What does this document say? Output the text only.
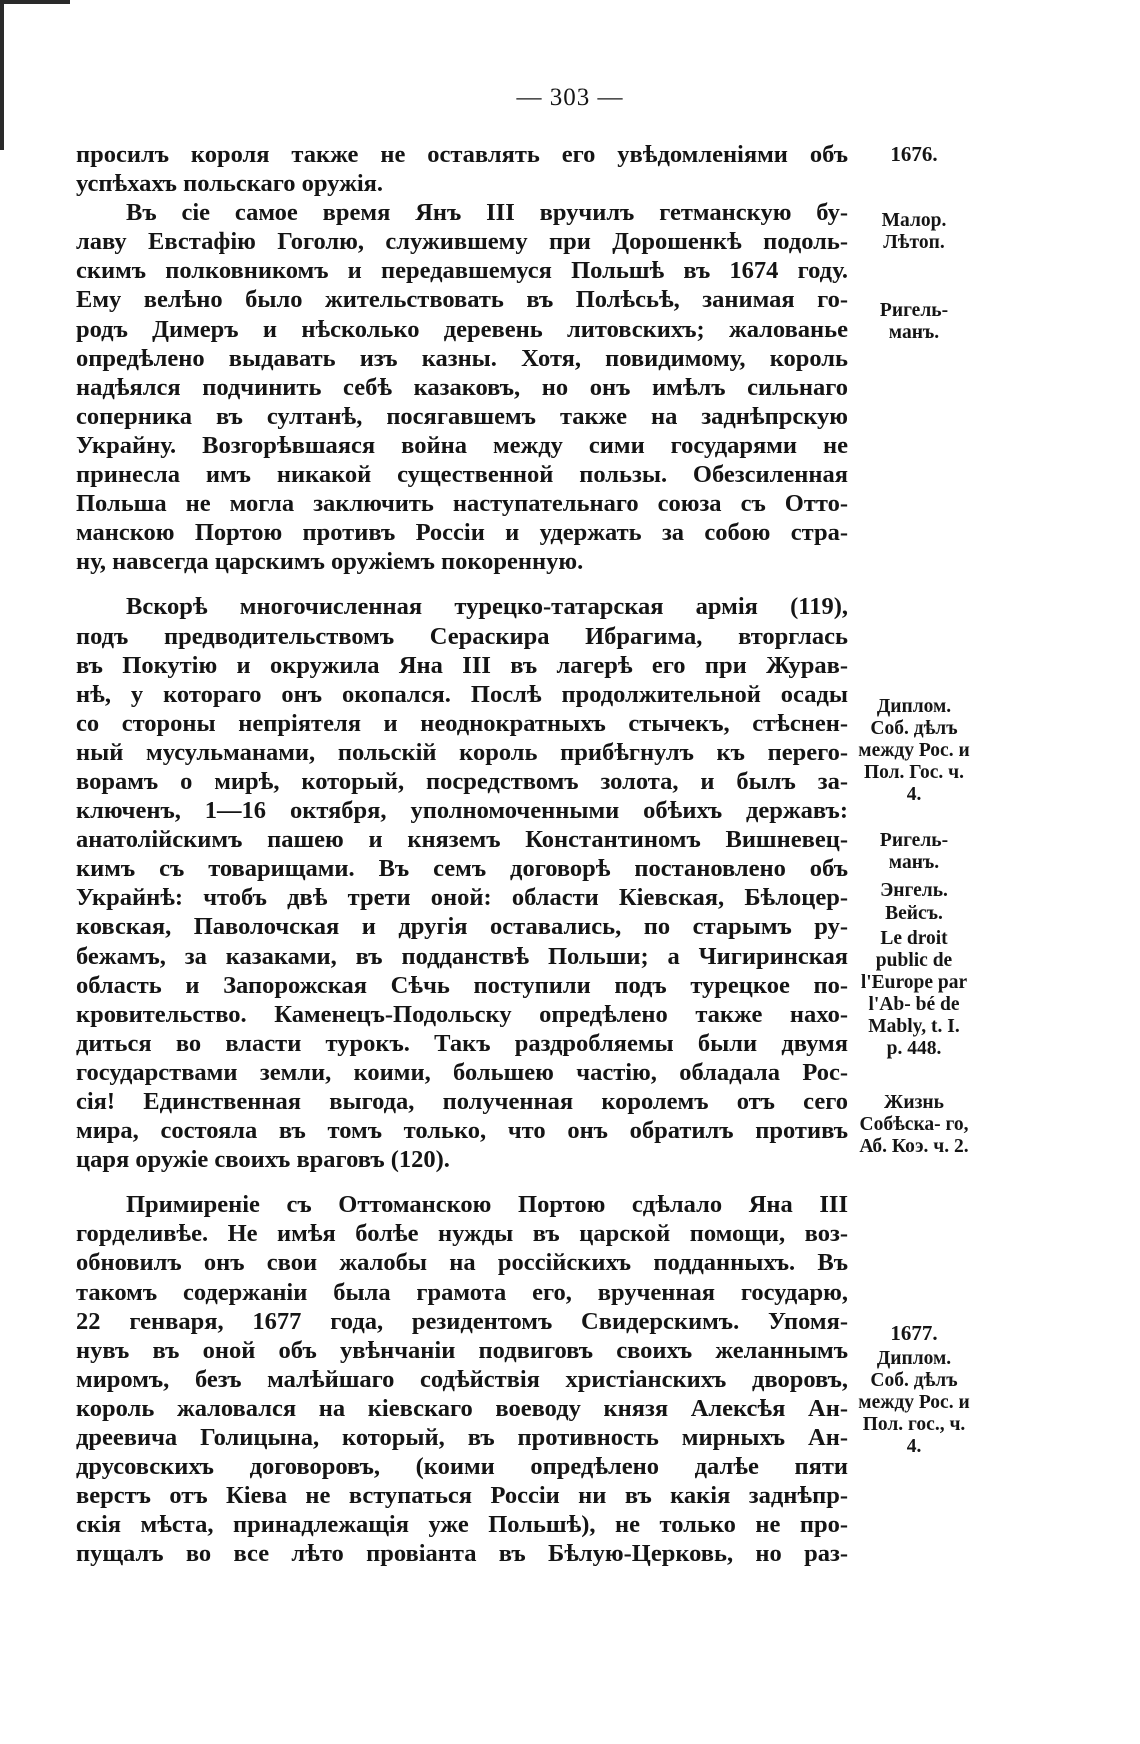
— 303 —
просилъ короля также не оставлять его увѣдомленіями объ
успѣхахъ польскаго оружія.
Въ сіе самое время Янъ III вручилъ гетманскую бу-
лаву Евстафію Гоголю, служившему при Дорошенкѣ подоль-
скимъ полковникомъ и передавшемуся Польшѣ въ 1674 году.
Ему велѣно было жительствовать въ Полѣсьѣ, занимая го-
родъ Димеръ и нѣсколько деревень литовскихъ; жалованье
опредѣлено выдавать изъ казны. Хотя, повидимому, король
надѣялся подчинить себѣ казаковъ, но онъ имѣлъ сильнаго
соперника въ султанѣ, посягавшемъ также на заднѣпрскую
Украйну. Возгорѣвшаяся война между сими государями не
принесла имъ никакой существенной пользы. Обезсиленная
Польша не могла заключить наступательнаго союза съ Отто-
манскою Портою противъ Россіи и удержать за собою стра-
ну, навсегда царскимъ оружіемъ покоренную.
Вскорѣ многочисленная турецко-татарская армія (119),
подъ предводительствомъ Сераскира Ибрагима, вторглась
въ Покутію и окружила Яна III въ лагерѣ его при Журав-
нѣ, у котораго онъ окопался. Послѣ продолжительной осады
со стороны непріятеля и неоднократныхъ стычекъ, стѣснен-
ный мусульманами, польскій король прибѣгнулъ къ перего-
ворамъ о мирѣ, который, посредствомъ золота, и былъ за-
ключенъ, 1—16 октября, уполномоченными обѣихъ державъ:
анатолійскимъ пашею и княземъ Константиномъ Вишневец-
кимъ съ товарищами. Въ семъ договорѣ постановлено объ
Украйнѣ: чтобъ двѣ трети оной: области Кіевская, Бѣлоцер-
ковская, Паволочская и другія оставались, по старымъ ру-
бежамъ, за казаками, въ подданствѣ Польши; а Чигиринская
область и Запорожская Сѣчь поступили подъ турецкое по-
кровительство. Каменецъ-Подольску опредѣлено также нахо-
диться во власти турокъ. Такъ раздробляемы были двумя
государствами земли, коими, большею частію, обладала Рос-
сія! Единственная выгода, полученная королемъ отъ сего
мира, состояла въ томъ только, что онъ обратилъ противъ
царя оружіе своихъ враговъ (120).
Примиреніе съ Оттоманскою Портою сдѣлало Яна III
горделивѣе. Не имѣя болѣе нужды въ царской помощи, воз-
обновилъ онъ свои жалобы на россійскихъ подданныхъ. Въ
такомъ содержаніи была грамота его, врученная государю,
22 генваря, 1677 года, резидентомъ Свидерскимъ. Упомя-
нувъ въ оной объ увѣнчаніи подвиговъ своихъ желаннымъ
миромъ, безъ малѣйшаго содѣйствія христіанскихъ дворовъ,
король жаловался на кіевскаго воеводу князя Алексѣя Ан-
дреевича Голицына, который, въ противность мирныхъ Ан-
друсовскихъ договоровъ, (коими опредѣлено далѣе пяти
верстъ отъ Кіева не вступаться Россіи ни въ какія заднѣпр-
скія мѣста, принадлежащія уже Польшѣ), не только не про-
пущалъ во все лѣто провіанта въ Бѣлую-Церковь, но раз-
1676.
Малор. Лѣтоп.
Ригель- манъ.
Диплом. Соб. дѣлъ между Рос. и Пол. Гос. ч. 4.
Ригель- манъ.
Энгель.
Вейсъ.
Le droit public de l'Europe par l'Ab- bé de Mably, t. I. p. 448.
Жизнь Собѣска- го, Аб. Коэ. ч. 2.
1677.
Диплом. Соб. дѣлъ между Рос. и Пол. гос., ч. 4.
